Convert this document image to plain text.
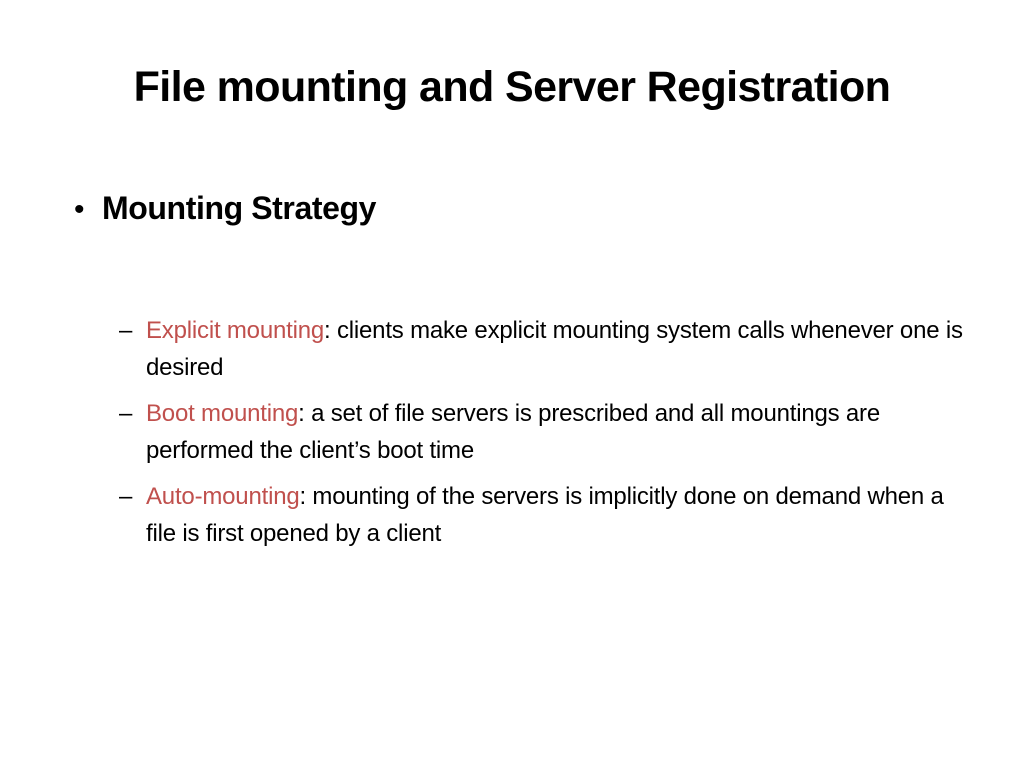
File mounting and Server Registration
• Mounting Strategy
– Explicit mounting: clients make explicit mounting system calls whenever one is desired
– Boot mounting: a set of file servers is prescribed and all mountings are performed the client’s boot time
– Auto-mounting: mounting of the servers is implicitly done on demand when a file is first opened by a client
